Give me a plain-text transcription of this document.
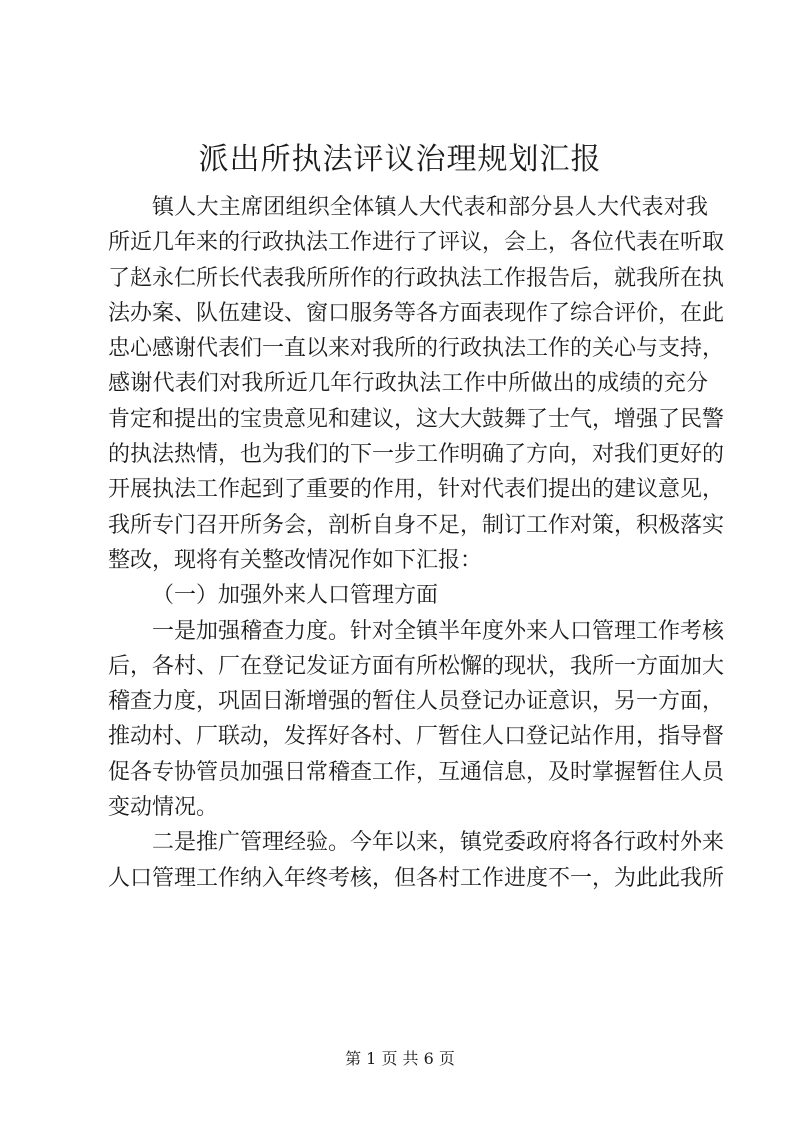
派出所执法评议治理规划汇报
镇人大主席团组织全体镇人大代表和部分县人大代表对我
所近几年来的行政执法工作进行了评议，会上，各位代表在听取
了赵永仁所长代表我所所作的行政执法工作报告后，就我所在执
法办案、队伍建设、窗口服务等各方面表现作了综合评价，在此
忠心感谢代表们一直以来对我所的行政执法工作的关心与支持，
感谢代表们对我所近几年行政执法工作中所做出的成绩的充分
肯定和提出的宝贵意见和建议，这大大鼓舞了士气，增强了民警
的执法热情，也为我们的下一步工作明确了方向，对我们更好的
开展执法工作起到了重要的作用，针对代表们提出的建议意见，
我所专门召开所务会，剖析自身不足，制订工作对策，积极落实
整改，现将有关整改情况作如下汇报：
（一）加强外来人口管理方面
一是加强稽查力度。针对全镇半年度外来人口管理工作考核
后，各村、厂在登记发证方面有所松懈的现状，我所一方面加大
稽查力度，巩固日渐增强的暂住人员登记办证意识，另一方面，
推动村、厂联动，发挥好各村、厂暂住人口登记站作用，指导督
促各专协管员加强日常稽查工作，互通信息，及时掌握暂住人员
变动情况。
二是推广管理经验。今年以来，镇党委政府将各行政村外来
人口管理工作纳入年终考核，但各村工作进度不一，为此此我所
第 1 页 共 6 页
